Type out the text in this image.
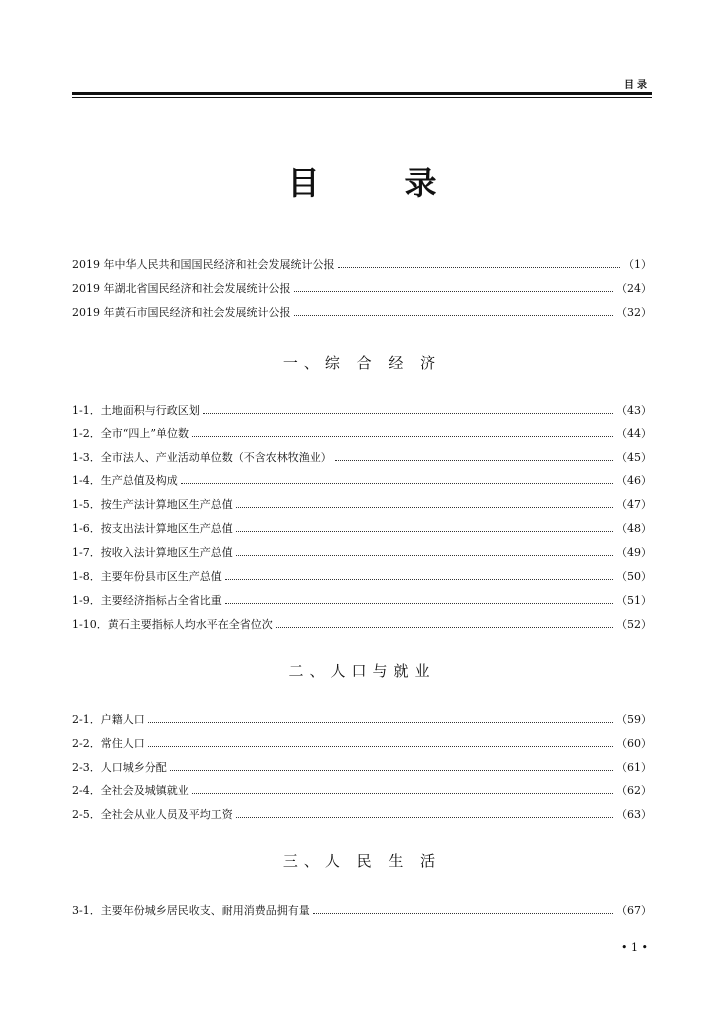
目录
目录
2019 年中华人民共和国国民经济和社会发展统计公报	（1）
2019 年湖北省国民经济和社会发展统计公报	（24）
2019 年黄石市国民经济和社会发展统计公报	（32）
一、综 合 经 济
1-1．土地面积与行政区划	（43）
1-2．全市“四上”单位数	（44）
1-3．全市法人、产业活动单位数（不含农林牧渔业）	（45）
1-4．生产总值及构成	（46）
1-5．按生产法计算地区生产总值	（47）
1-6．按支出法计算地区生产总值	（48）
1-7．按收入法计算地区生产总值	（49）
1-8．主要年份县市区生产总值	（50）
1-9．主要经济指标占全省比重	（51）
1-10．黄石主要指标人均水平在全省位次	（52）
二、人口与就业
2-1．户籍人口	（59）
2-2．常住人口	（60）
2-3．人口城乡分配	（61）
2-4．全社会及城镇就业	（62）
2-5．全社会从业人员及平均工资	（63）
三、人 民 生 活
3-1．主要年份城乡居民收支、耐用消费品拥有量	（67）
• 1 •
